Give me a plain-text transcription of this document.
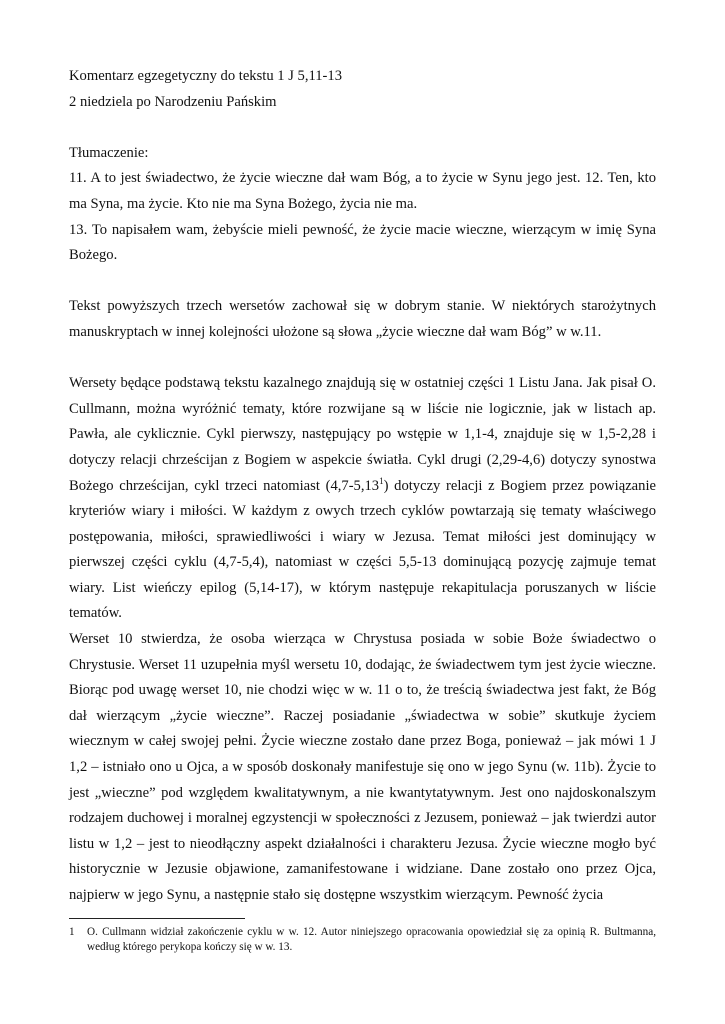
Komentarz egzegetyczny do tekstu 1 J 5,11-13

2 niedziela po Narodzeniu Pańskim

Tłumaczenie:

11. A to jest świadectwo, że życie wieczne dał wam Bóg, a to życie w Synu jego jest. 12. Ten, kto ma Syna, ma życie. Kto nie ma Syna Bożego, życia nie ma.

13. To napisałem wam, żebyście mieli pewność, że życie macie wieczne, wierzącym w imię Syna Bożego.

Tekst powyższych trzech wersetów zachował się w dobrym stanie. W niektórych starożytnych manuskryptach w innej kolejności ułożone są słowa „życie wieczne dał wam Bóg” w w.11.

Wersety będące podstawą tekstu kazalnego znajdują się w ostatniej części 1 Listu Jana. Jak pisał O. Cullmann, można wyróżnić tematy, które rozwijane są w liście nie logicznie, jak w listach ap. Pawła, ale cyklicznie. Cykl pierwszy, następujący po wstępie w 1,1-4, znajduje się w 1,5-2,28 i dotyczy relacji chrześcijan z Bogiem w aspekcie światła. Cykl drugi (2,29-4,6) dotyczy synostwa Bożego chrześcijan, cykl trzeci natomiast (4,7-5,13$^1$) dotyczy relacji z Bogiem przez powiązanie kryteriów wiary i miłości. W każdym z owych trzech cyklów powtarzają się tematy właściwego postępowania, miłości, sprawiedliwości i wiary w Jezusa. Temat miłości jest dominujący w pierwszej części cyklu (4,7-5,4), natomiast w części 5,5-13 dominującą pozycję zajmuje temat wiary. List wieńczy epilog (5,14-17), w którym następuje rekapitulacja poruszanych w liście tematów.

Werset 10 stwierdza, że osoba wierząca w Chrystusa posiada w sobie Boże świadectwo o Chrystusie. Werset 11 uzupełnia myśl wersetu 10, dodając, że świadectwem tym jest życie wieczne. Biorąc pod uwagę werset 10, nie chodzi więc w w. 11 o to, że treścią świadectwa jest fakt, że Bóg dał wierzącym „życie wieczne”. Raczej posiadanie „świadectwa w sobie” skutkuje życiem wiecznym w całej swojej pełni. Życie wieczne zostało dane przez Boga, ponieważ – jak mówi 1 J 1,2 – istniało ono u Ojca, a w sposób doskonały manifestuje się ono w jego Synu (w. 11b). Życie to jest „wieczne” pod względem kwalitatywnym, a nie kwantytatywnym. Jest ono najdoskonalszym rodzajem duchowej i moralnej egzystencji w społeczności z Jezusem, ponieważ – jak twierdzi autor listu w 1,2 – jest to nieodłączny aspekt działalności i charakteru Jezusa. Życie wieczne mogło być historycznie w Jezusie objawione, zamanifestowane i widziane. Dane zostało ono przez Ojca, najpierw w jego Synu, a następnie stało się dostępne wszystkim wierzącym. Pewność życia

1	O. Cullmann widział zakończenie cyklu w w. 12. Autor niniejszego opracowania opowiedział się za opinią R. Bultmanna, według którego perykopa kończy się w w. 13.
